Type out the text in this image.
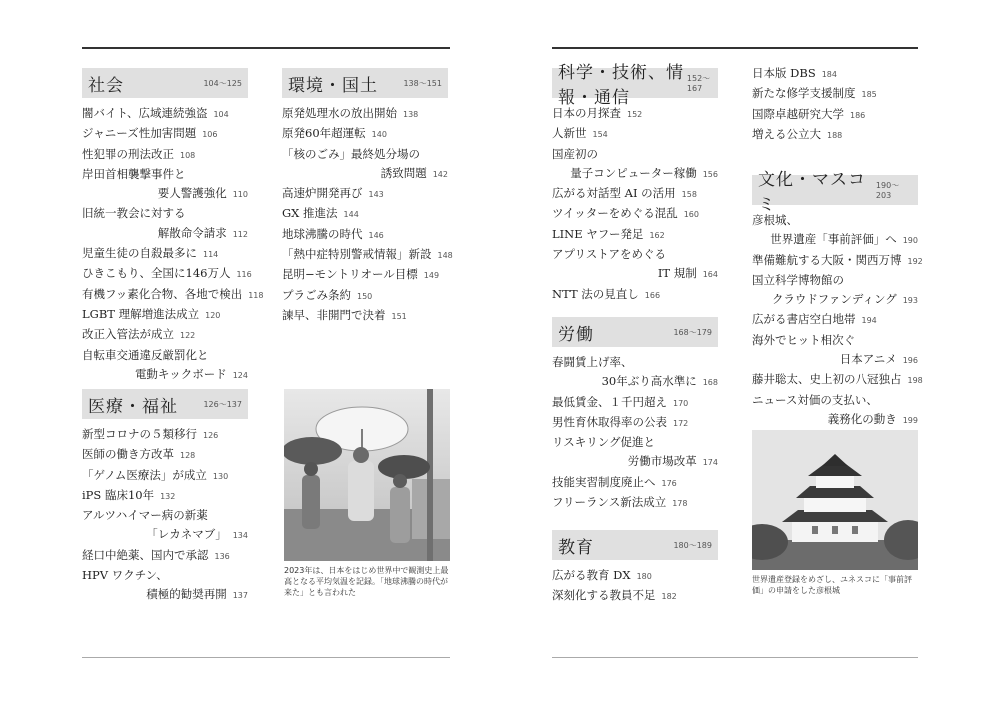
社会	104～125
闇バイト、広域連続強盗 104
ジャニーズ性加害問題 106
性犯罪の刑法改正 108
岸田首相襲撃事件と
要人警護強化 110
旧統一教会に対する
解散命令請求 112
児童生徒の自殺最多に 114
ひきこもり、全国に146万人 116
有機フッ素化合物、各地で検出 118
LGBT 理解増進法成立 120
改正入管法が成立 122
自転車交通違反厳罰化と
電動キックボード 124
環境・国土	138～151
原発処理水の放出開始 138
原発60年超運転 140
「核のごみ」最終処分場の
誘致問題 142
高速炉開発再び 143
GX 推進法 144
地球沸騰の時代 146
「熱中症特別警戒情報」新設 148
昆明−モントリオール目標 149
プラごみ条約 150
諫早、非開門で決着 151
医療・福祉	126～137
新型コロナの５類移行 126
医師の働き方改革 128
「ゲノム医療法」が成立 130
iPS 臨床10年 132
アルツハイマー病の新薬
「レカネマブ」 134
経口中絶薬、国内で承認 136
HPV ワクチン、
積極的勧奨再開 137
科学・技術、情報・通信
152～167
日本の月探査 152
人新世 154
国産初の
量子コンピューター稼働 156
広がる対話型 AI の活用 158
ツイッターをめぐる混乱 160
LINE ヤフー発足 162
アプリストアをめぐる
IT 規制 164
NTT 法の見直し 166
労働	168～179
春闘賃上げ率、
30年ぶり高水準に 168
最低賃金、１千円超え 170
男性育休取得率の公表 172
リスキリング促進と
労働市場改革 174
技能実習制度廃止へ 176
フリーランス新法成立 178
教育	180～189
広がる教育 DX 180
深刻化する教員不足 182
日本版 DBS 184
新たな修学支援制度 185
国際卓越研究大学 186
増える公立大 188
文化・マスコミ
190～203
彦根城、
世界遺産「事前評価」へ 190
準備難航する大阪・関西万博 192
国立科学博物館の
クラウドファンディング 193
広がる書店空白地帯 194
海外でヒット相次ぐ
日本アニメ 196
藤井聡太、史上初の八冠独占 198
ニュース対価の支払い、
義務化の動き 199
2023年は、日本をはじめ世界中で観測史上最高となる平均気温を記録。「地球沸騰の時代が来た」とも言われた
世界遺産登録をめざし、ユネスコに「事前評価」の申請をした彦根城
